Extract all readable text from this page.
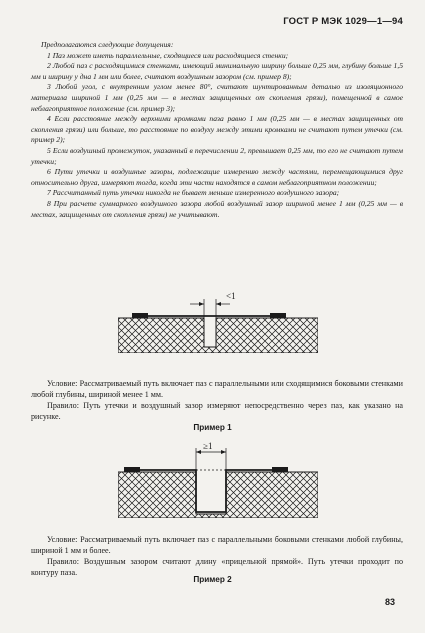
ГОСТ Р МЭК 1029—1—94

Предполагаются следующие допущения:

1 Паз может иметь параллельные, сходящиеся или расходящиеся стенки;

2 Любой паз с расходящимися стенками, имеющий минимальную ширину больше 0,25 мм, глубину больше 1,5 мм и ширину у дна 1 мм или более, считают воздушным зазором (см. пример 8);

3 Любой угол, с внутренним углом менее 80°, считают шунтированным деталью из изоляционного материала шириной 1 мм (0,25 мм — в местах защищенных от скопления грязи), помещенной в самое неблагоприятное положение (см. пример 3);

4 Если расстояние между верхними кромками паза равно 1 мм (0,25 мм — в местах защищенных от скопления грязи) или больше, то расстояние по воздуху между этими кромками не считают путем утечки (см. пример 2);

5 Если воздушный промежуток, указанный в перечислении 2, превышает 0,25 мм, то его не считают путем утечки;

6 Пути утечки и воздушные зазоры, подлежащие измерению между частями, перемещающимися друг относительно друга, измеряют тогда, когда эти части находятся в самом неблагоприятном положении;

7 Рассчитанный путь утечки никогда не бывает меньше измеренного воздушного зазора;

8 При расчете суммарного воздушного зазора любой воздушный зазор шириной менее 1 мм (0,25 мм — в местах, защищенных от скопления грязи) не учитывают.

<1

Условие: Рассматриваемый путь включает паз с параллельными или сходящимися боковыми стенками любой глубины, шириной менее 1 мм.

Правило: Путь утечки и воздушный зазор измеряют непосредственно через паз, как указано на рисунке.

Пример 1
≥1

Условие: Рассматриваемый путь включает паз с параллельными боковыми стенками любой глубины, шириной 1 мм и более.

Правило: Воздушным зазором считают длину «прицельной прямой». Путь утечки проходит по контуру паза.

Пример 2
83
